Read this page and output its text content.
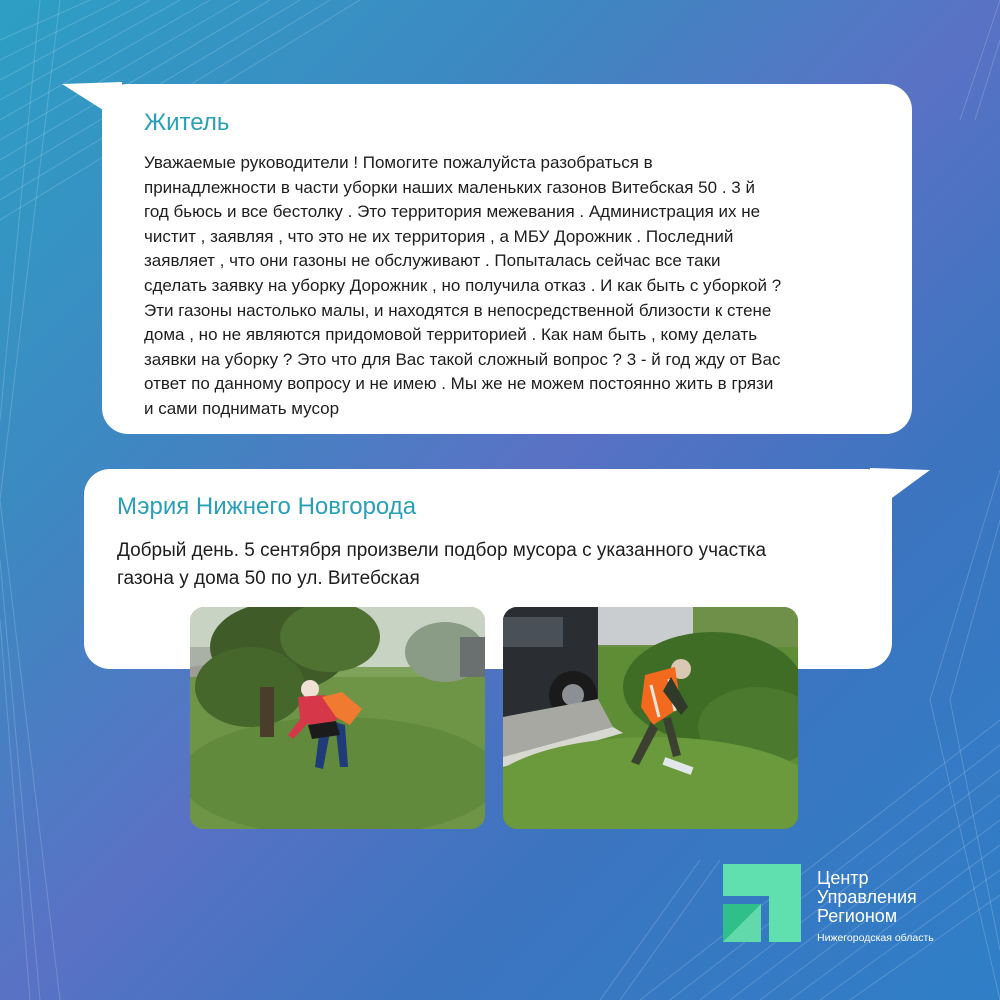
Житель
Уважаемые руководители ! Помогите пожалуйста разобраться в
принадлежности в части уборки наших маленьких газонов Витебская 50 . 3 й
год бьюсь и все бестолку . Это территория межевания . Администрация их не
чистит , заявляя , что это не их территория , а МБУ Дорожник . Последний
заявляет , что они газоны не обслуживают . Попыталась сейчас все таки
сделать заявку на уборку Дорожник , но получила отказ . И как быть с уборкой ?
Эти газоны настолько малы, и находятся в непосредственной близости к стене
дома , но не являются придомовой территорией . Как нам быть , кому делать
заявки на уборку ? Это что для Вас такой сложный вопрос ? 3 - й год жду от Вас
ответ по данному вопросу и не имею . Мы же не можем постоянно жить в грязи
и сами поднимать мусор
Мэрия Нижнего Новгорода
Добрый день. 5 сентября произвели подбор мусора с указанного участка
газона у дома 50 по ул. Витебская
Центр
Управления
Регионом
Нижегородская область
